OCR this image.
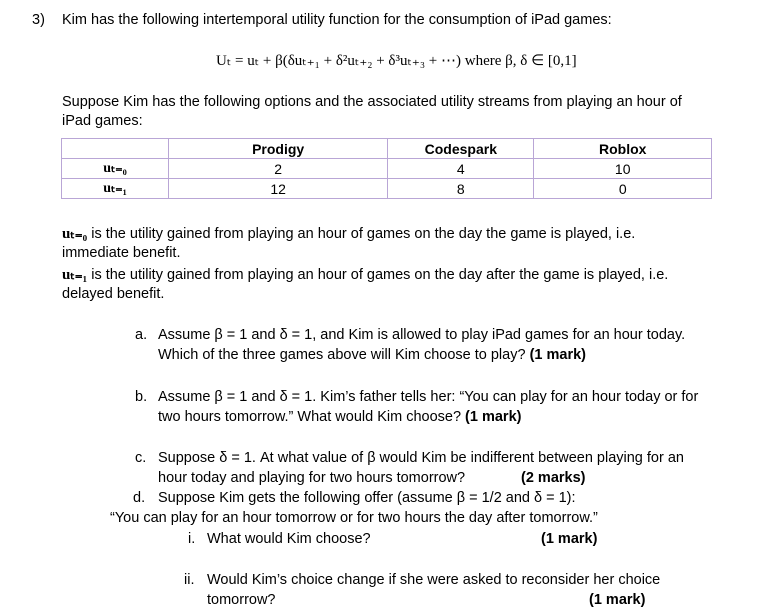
3) Kim has the following intertemporal utility function for the consumption of iPad games:
Uₜ = uₜ + β(δuₜ₊₁ + δ²uₜ₊₂ + δ³uₜ₊₃ + ⋯) where β, δ ∈ [0,1]
Suppose Kim has the following options and the associated utility streams from playing an hour of
iPad games:
	Prodigy	Codespark	Roblox
uₜ₌₀	2	4	10
uₜ₌₁	12	8	0
uₜ₌₀ is the utility gained from playing an hour of games on the day the game is played, i.e.
immediate benefit.
uₜ₌₁ is the utility gained from playing an hour of games on the day after the game is played, i.e.
delayed benefit.
a. Assume β = 1 and δ = 1, and Kim is allowed to play iPad games for an hour today.
Which of the three games above will Kim choose to play? (1 mark)
b. Assume β = 1 and δ = 1. Kim’s father tells her: “You can play for an hour today or for
two hours tomorrow.” What would Kim choose? (1 mark)
c. Suppose δ = 1. At what value of β would Kim be indifferent between playing for an
hour today and playing for two hours tomorrow?	(2 marks)
d. Suppose Kim gets the following offer (assume β = 1/2 and δ = 1):
“You can play for an hour tomorrow or for two hours the day after tomorrow.”
i. What would Kim choose?	(1 mark)
ii. Would Kim’s choice change if she were asked to reconsider her choice
tomorrow?	(1 mark)
